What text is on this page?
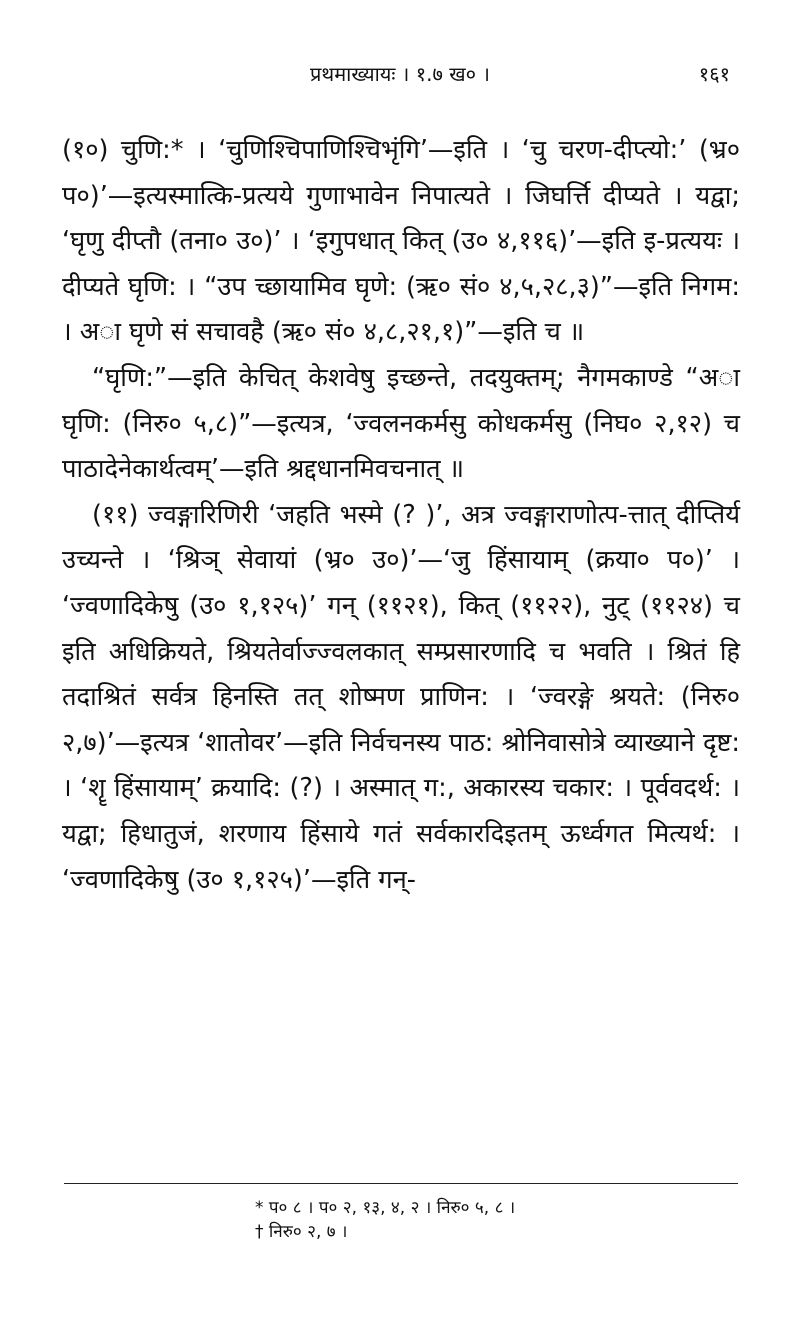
प्रथमाख्यायः । १.७ ख० ।	१६१

(१०) चुणि:* । ‘चुणिश्चिपाणिश्चिभृंगि’—इति । ‘चु चरण-दीप्त्यो:’ (भ्र० प०)’—इत्यस्मात्कि-प्रत्यये गुणाभावेन निपात्यते । जिघर्त्ति दीप्यते । यद्वा; ‘घृणु दीप्तौ (तना० उ०)’ । ‘इगुपधात् कित् (उ० ४,११६)’—इति इ-प्रत्ययः । दीप्यते घृणि: । “उप च्छायामिव घृणे: (ऋ० सं० ४,५,२८,३)”—इति निगम: । अा घृणे सं सचावहै (ऋ० सं० ४,८,२१,१)”—इति च ॥

“घृणि:”—इति केचित् केशवेषु इच्छन्ते, तदयुक्तम्; नैगमकाण्डे “अा घृणि: (निरु० ५,८)”—इत्यत्र, ‘ज्वलनकर्मसु कोधकर्मसु (निघ० २,१२) च पाठादेनेकार्थत्वम्’—इति श्रद्दधानमिवचनात् ॥

(११) ज्वङ्गारिणिरी ‘जहति भस्मे (? )’, अत्र ज्वङ्गाराणोत्प-त्तात् दीप्तिर्य उच्यन्ते । ‘श्रिञ् सेवायां (भ्र० उ०)’—‘जु हिंसायाम् (क्रया० प०)’ । ‘ज्वणादिकेषु (उ० १,१२५)’ गन् (११२१), कित् (११२२), नुट् (११२४) च इति अधिक्रियते, श्रियतेर्वाज्ज्वलकात् सम्प्रसारणादि च भवति । श्रितं हि तदाश्रितं सर्वत्र हिनस्ति तत् शोष्मण प्राणिन: । ‘ज्वरङ्गे श्रयते: (निरु० २,७)’—इत्यत्र ‘शातोवर’—इति निर्वचनस्य पाठ: श्रोनिवासोत्रे व्याख्याने दृष्ट: । ‘शॄ हिंसायाम्’ क्रयादि: (?) । अस्मात् ग:, अकारस्य चकार: । पूर्ववदर्थ: । यद्वा; हिधातुजं, शरणाय हिंसाये गतं सर्वकारदिइतम् ऊर्ध्वगत मित्यर्थ: । ‘ज्वणादिकेषु (उ० १,१२५)’—इति गन्-

* प० ८ । प० २, १३, ४, २ । निरु० ५, ८ ।
† निरु० २, ७ ।
